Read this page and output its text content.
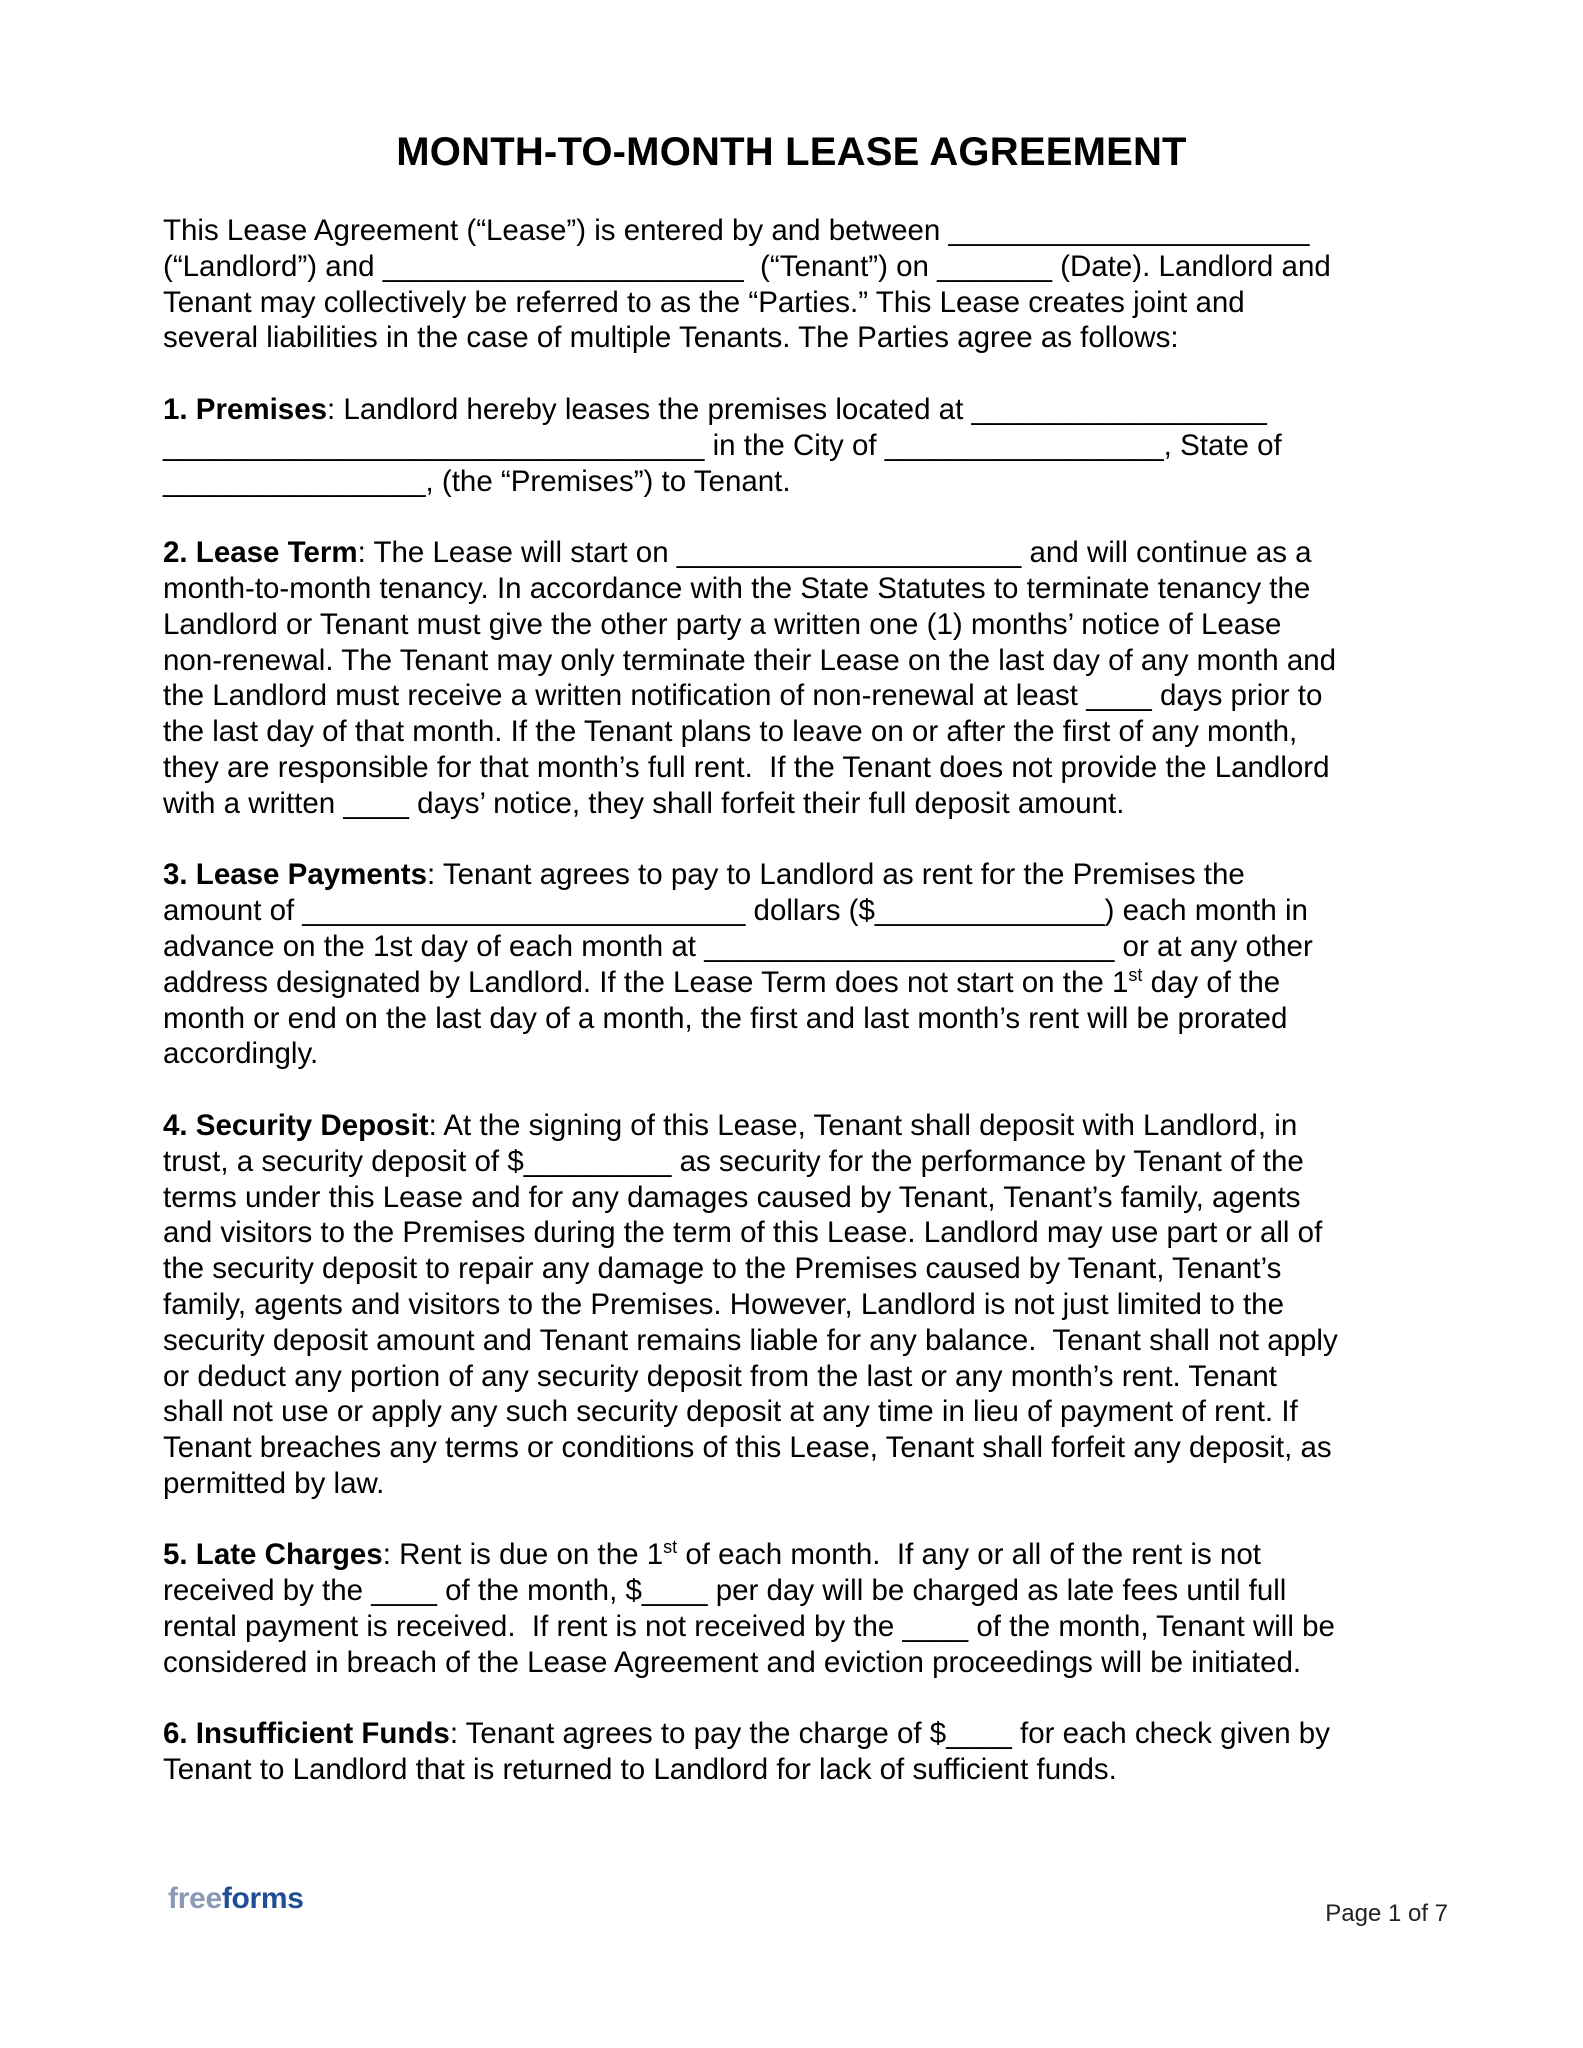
MONTH-TO-MONTH LEASE AGREEMENT
This Lease Agreement (“Lease”) is entered by and between ______________________
(“Landlord”) and ______________________  (“Tenant”) on _______ (Date). Landlord and
Tenant may collectively be referred to as the “Parties.” This Lease creates joint and
several liabilities in the case of multiple Tenants. The Parties agree as follows:
1. Premises: Landlord hereby leases the premises located at __________________
_________________________________ in the City of _________________, State of
________________, (the “Premises”) to Tenant.
2. Lease Term: The Lease will start on _____________________ and will continue as a
month-to-month tenancy. In accordance with the State Statutes to terminate tenancy the
Landlord or Tenant must give the other party a written one (1) months’ notice of Lease
non-renewal. The Tenant may only terminate their Lease on the last day of any month and
the Landlord must receive a written notification of non-renewal at least ____ days prior to
the last day of that month. If the Tenant plans to leave on or after the first of any month,
they are responsible for that month’s full rent.  If the Tenant does not provide the Landlord
with a written ____ days’ notice, they shall forfeit their full deposit amount.
3. Lease Payments: Tenant agrees to pay to Landlord as rent for the Premises the
amount of ___________________________ dollars ($______________) each month in
advance on the 1st day of each month at _________________________ or at any other
address designated by Landlord. If the Lease Term does not start on the 1st day of the
month or end on the last day of a month, the first and last month’s rent will be prorated
accordingly.
4. Security Deposit: At the signing of this Lease, Tenant shall deposit with Landlord, in
trust, a security deposit of $_________ as security for the performance by Tenant of the
terms under this Lease and for any damages caused by Tenant, Tenant’s family, agents
and visitors to the Premises during the term of this Lease. Landlord may use part or all of
the security deposit to repair any damage to the Premises caused by Tenant, Tenant’s
family, agents and visitors to the Premises. However, Landlord is not just limited to the
security deposit amount and Tenant remains liable for any balance.  Tenant shall not apply
or deduct any portion of any security deposit from the last or any month’s rent. Tenant
shall not use or apply any such security deposit at any time in lieu of payment of rent. If
Tenant breaches any terms or conditions of this Lease, Tenant shall forfeit any deposit, as
permitted by law.
5. Late Charges: Rent is due on the 1st of each month.  If any or all of the rent is not
received by the ____ of the month, $____ per day will be charged as late fees until full
rental payment is received.  If rent is not received by the ____ of the month, Tenant will be
considered in breach of the Lease Agreement and eviction proceedings will be initiated.
6. Insufficient Funds: Tenant agrees to pay the charge of $____ for each check given by
Tenant to Landlord that is returned to Landlord for lack of sufficient funds.
freeforms	Page 1 of 7
